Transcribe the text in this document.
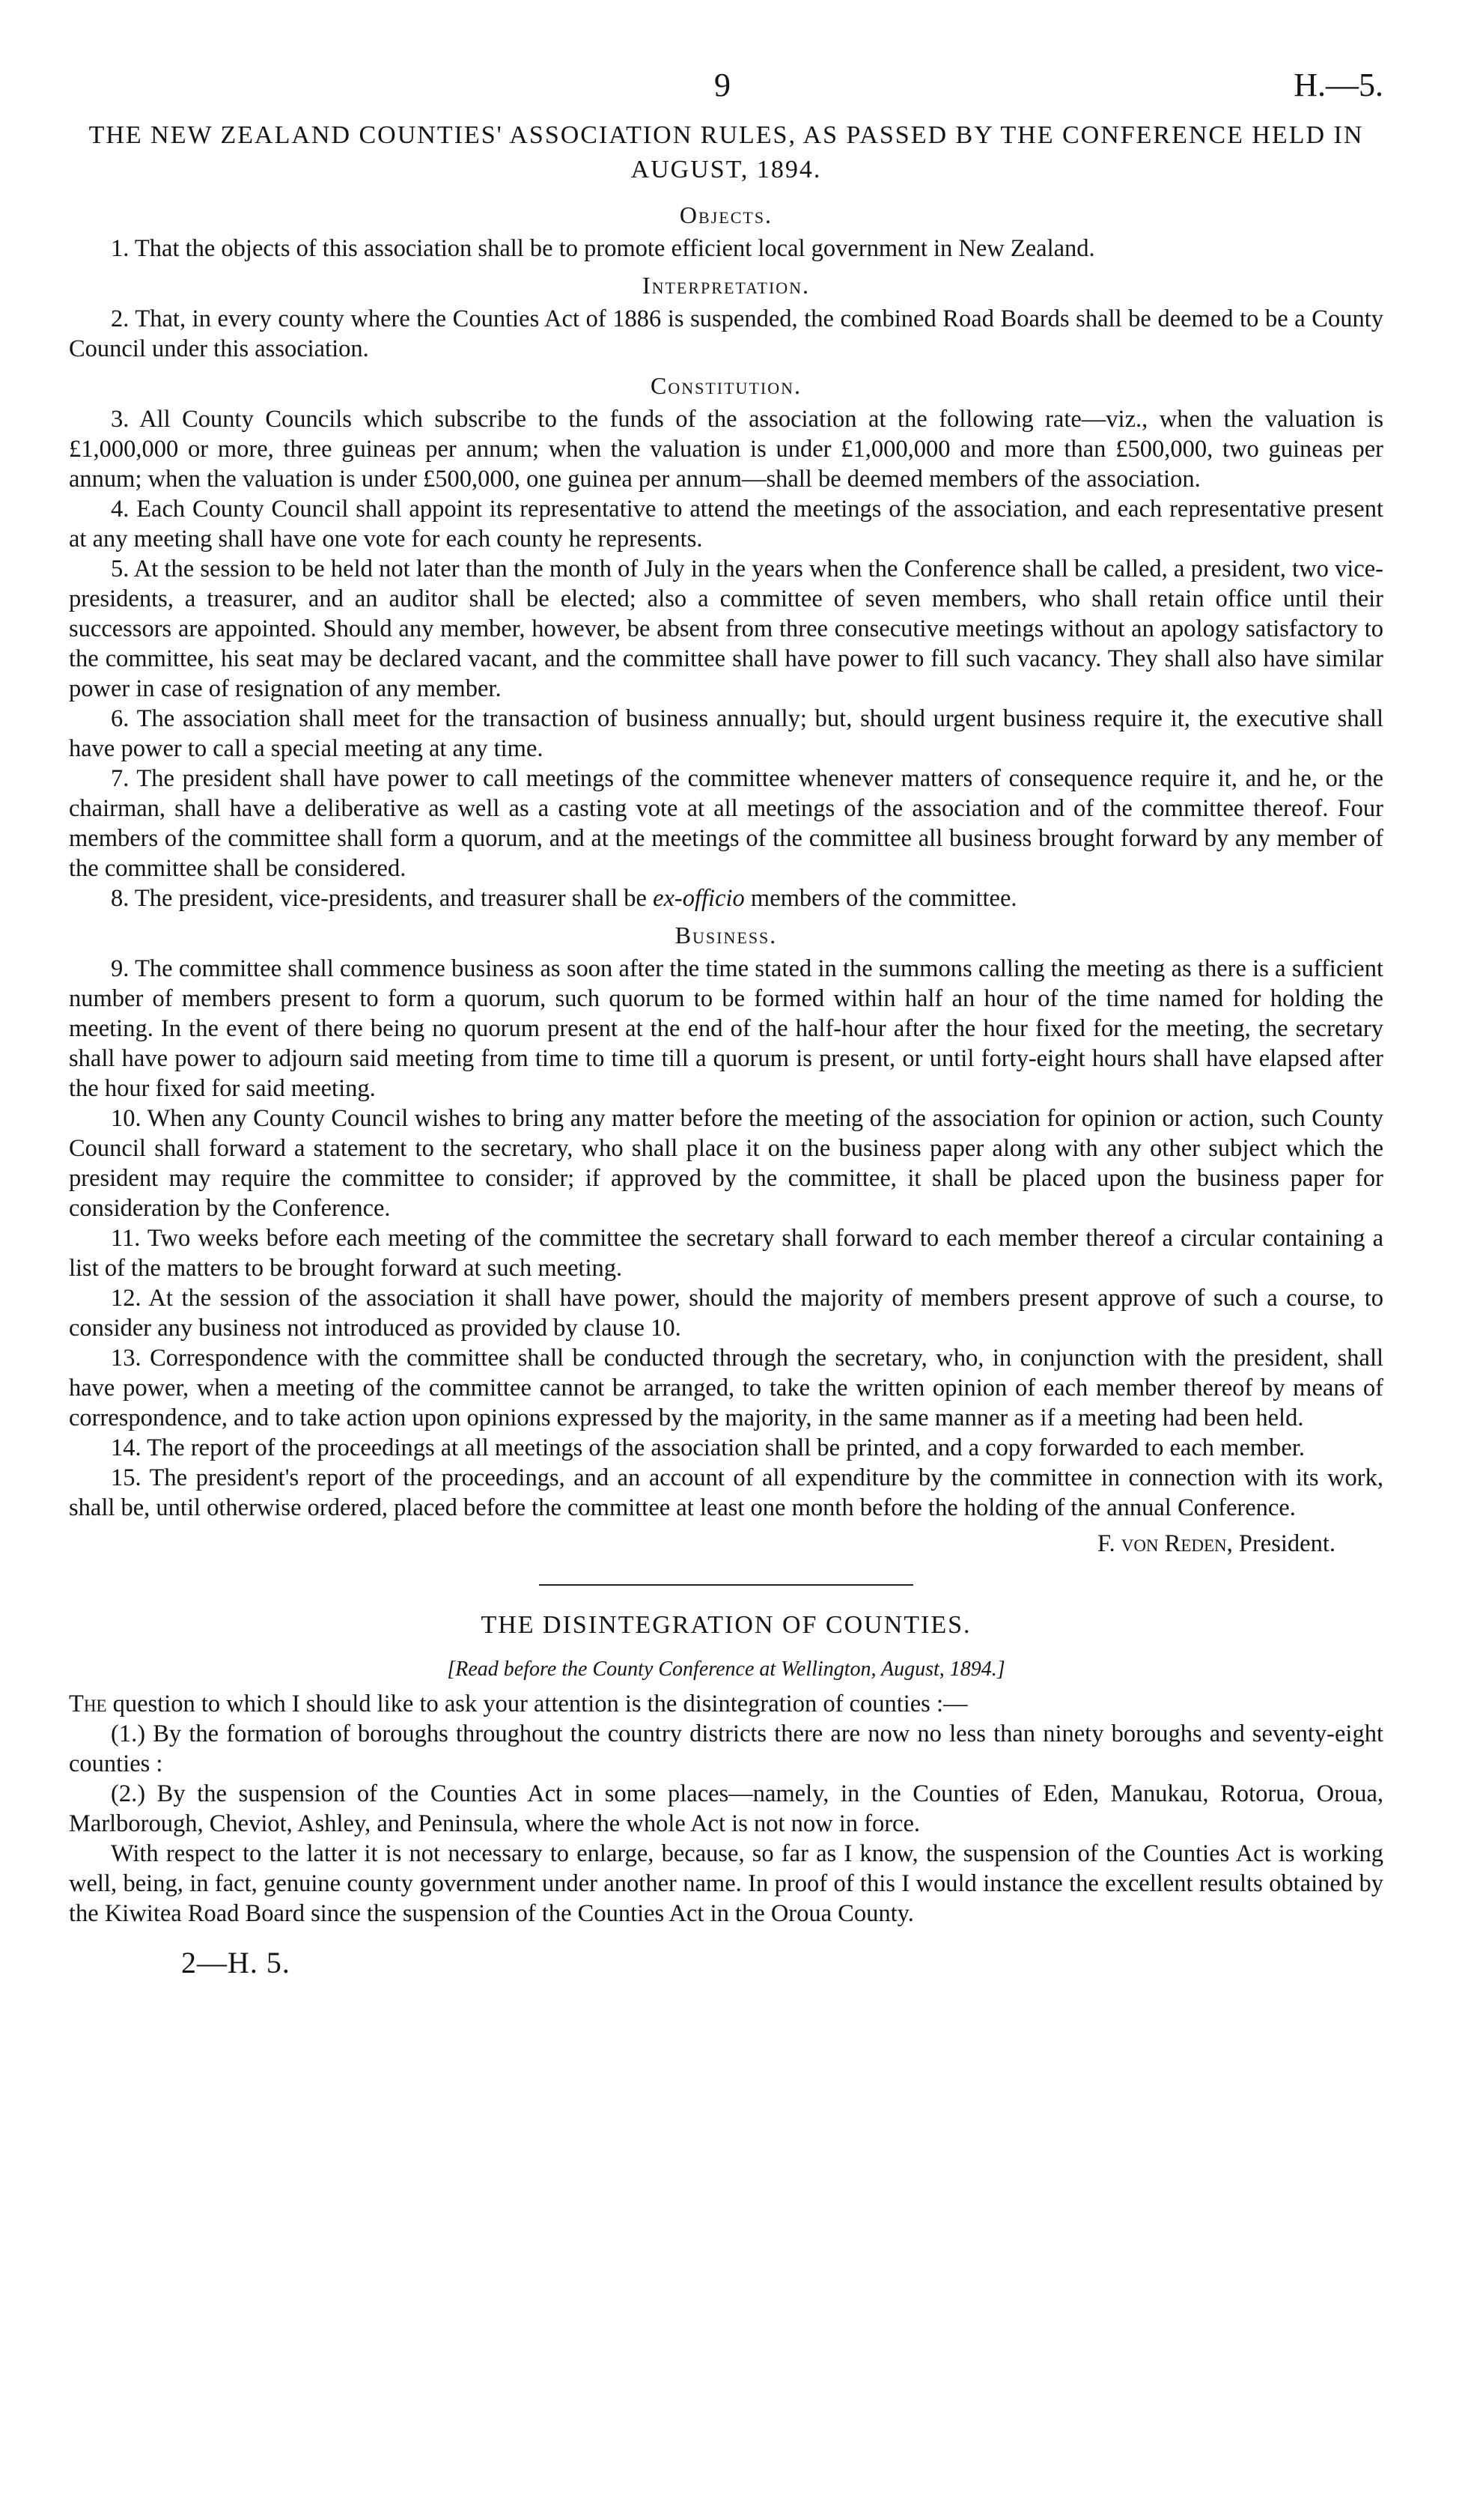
9	H.—5.
THE NEW ZEALAND COUNTIES' ASSOCIATION RULES, AS PASSED BY THE CONFERENCE HELD IN AUGUST, 1894.
Objects.

1. That the objects of this association shall be to promote efficient local government in New Zealand.

Interpretation.

2. That, in every county where the Counties Act of 1886 is suspended, the combined Road Boards shall be deemed to be a County Council under this association.

Constitution.

3. All County Councils which subscribe to the funds of the association at the following rate—viz., when the valuation is £1,000,000 or more, three guineas per annum; when the valuation is under £1,000,000 and more than £500,000, two guineas per annum; when the valuation is under £500,000, one guinea per annum—shall be deemed members of the association.

4. Each County Council shall appoint its representative to attend the meetings of the association, and each representative present at any meeting shall have one vote for each county he represents.

5. At the session to be held not later than the month of July in the years when the Conference shall be called, a president, two vice-presidents, a treasurer, and an auditor shall be elected; also a committee of seven members, who shall retain office until their successors are appointed. Should any member, however, be absent from three consecutive meetings without an apology satisfactory to the committee, his seat may be declared vacant, and the committee shall have power to fill such vacancy. They shall also have similar power in case of resignation of any member.

6. The association shall meet for the transaction of business annually; but, should urgent business require it, the executive shall have power to call a special meeting at any time.

7. The president shall have power to call meetings of the committee whenever matters of consequence require it, and he, or the chairman, shall have a deliberative as well as a casting vote at all meetings of the association and of the committee thereof. Four members of the committee shall form a quorum, and at the meetings of the committee all business brought forward by any member of the committee shall be considered.

8. The president, vice-presidents, and treasurer shall be ex-officio members of the committee.

Business.

9. The committee shall commence business as soon after the time stated in the summons calling the meeting as there is a sufficient number of members present to form a quorum, such quorum to be formed within half an hour of the time named for holding the meeting. In the event of there being no quorum present at the end of the half-hour after the hour fixed for the meeting, the secretary shall have power to adjourn said meeting from time to time till a quorum is present, or until forty-eight hours shall have elapsed after the hour fixed for said meeting.

10. When any County Council wishes to bring any matter before the meeting of the association for opinion or action, such County Council shall forward a statement to the secretary, who shall place it on the business paper along with any other subject which the president may require the committee to consider; if approved by the committee, it shall be placed upon the business paper for consideration by the Conference.

11. Two weeks before each meeting of the committee the secretary shall forward to each member thereof a circular containing a list of the matters to be brought forward at such meeting.

12. At the session of the association it shall have power, should the majority of members present approve of such a course, to consider any business not introduced as provided by clause 10.

13. Correspondence with the committee shall be conducted through the secretary, who, in conjunction with the president, shall have power, when a meeting of the committee cannot be arranged, to take the written opinion of each member thereof by means of correspondence, and to take action upon opinions expressed by the majority, in the same manner as if a meeting had been held.

14. The report of the proceedings at all meetings of the association shall be printed, and a copy forwarded to each member.

15. The president's report of the proceedings, and an account of all expenditure by the committee in connection with its work, shall be, until otherwise ordered, placed before the committee at least one month before the holding of the annual Conference.

F. von Reden, President.
THE DISINTEGRATION OF COUNTIES.
[Read before the County Conference at Wellington, August, 1894.]

The question to which I should like to ask your attention is the disintegration of counties :—

(1.) By the formation of boroughs throughout the country districts there are now no less than ninety boroughs and seventy-eight counties :

(2.) By the suspension of the Counties Act in some places—namely, in the Counties of Eden, Manukau, Rotorua, Oroua, Marlborough, Cheviot, Ashley, and Peninsula, where the whole Act is not now in force.

With respect to the latter it is not necessary to enlarge, because, so far as I know, the suspension of the Counties Act is working well, being, in fact, genuine county government under another name. In proof of this I would instance the excellent results obtained by the Kiwitea Road Board since the suspension of the Counties Act in the Oroua County.

2—H. 5.
